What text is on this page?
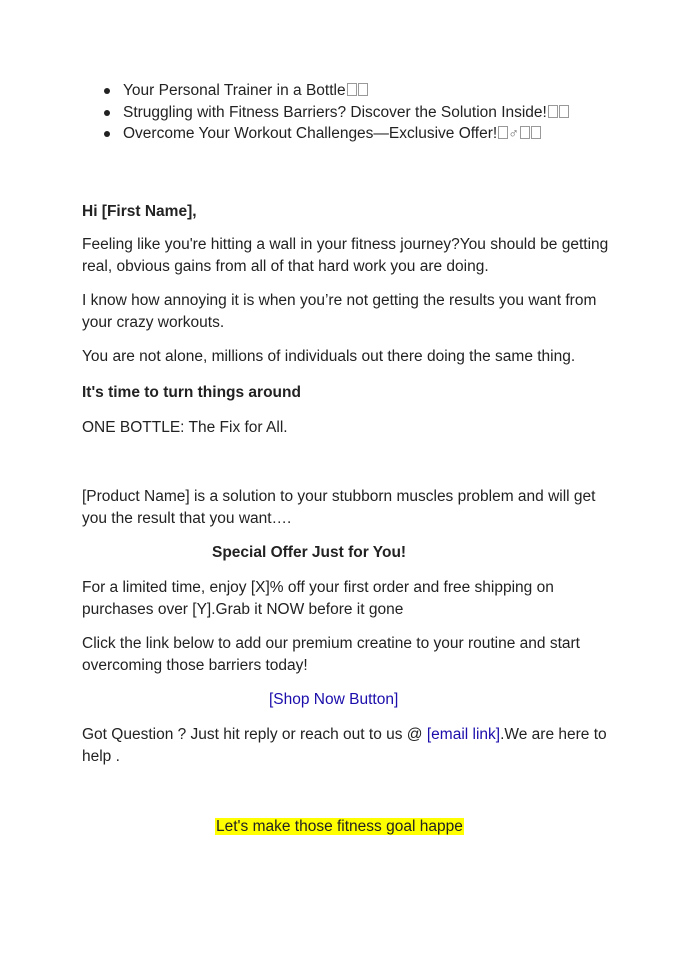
Your Personal Trainer in a Bottle
Struggling with Fitness Barriers? Discover the Solution Inside!
Overcome Your Workout Challenges—Exclusive Offer! ♂
Hi [First Name],
Feeling like you're hitting a wall in your fitness journey?You should be getting real, obvious gains from all of that hard work you are doing.
I know how annoying it is when you’re not getting the results you want from your crazy workouts.
You are not alone, millions of individuals out there doing the same thing.
It's time to turn things around
ONE BOTTLE: The Fix for All.
[Product Name] is a solution to your stubborn muscles problem and will get you the result that you want….
Special Offer Just for You!
For a limited time, enjoy [X]% off your first order and free shipping on purchases over [Y].Grab it NOW before it gone
Click the link below to add our premium creatine to your routine and start overcoming those barriers today!
[Shop Now Button]
Got Question ? Just hit reply or reach out to us @ [email link].We are here to help .
Let's make those fitness goal happe
